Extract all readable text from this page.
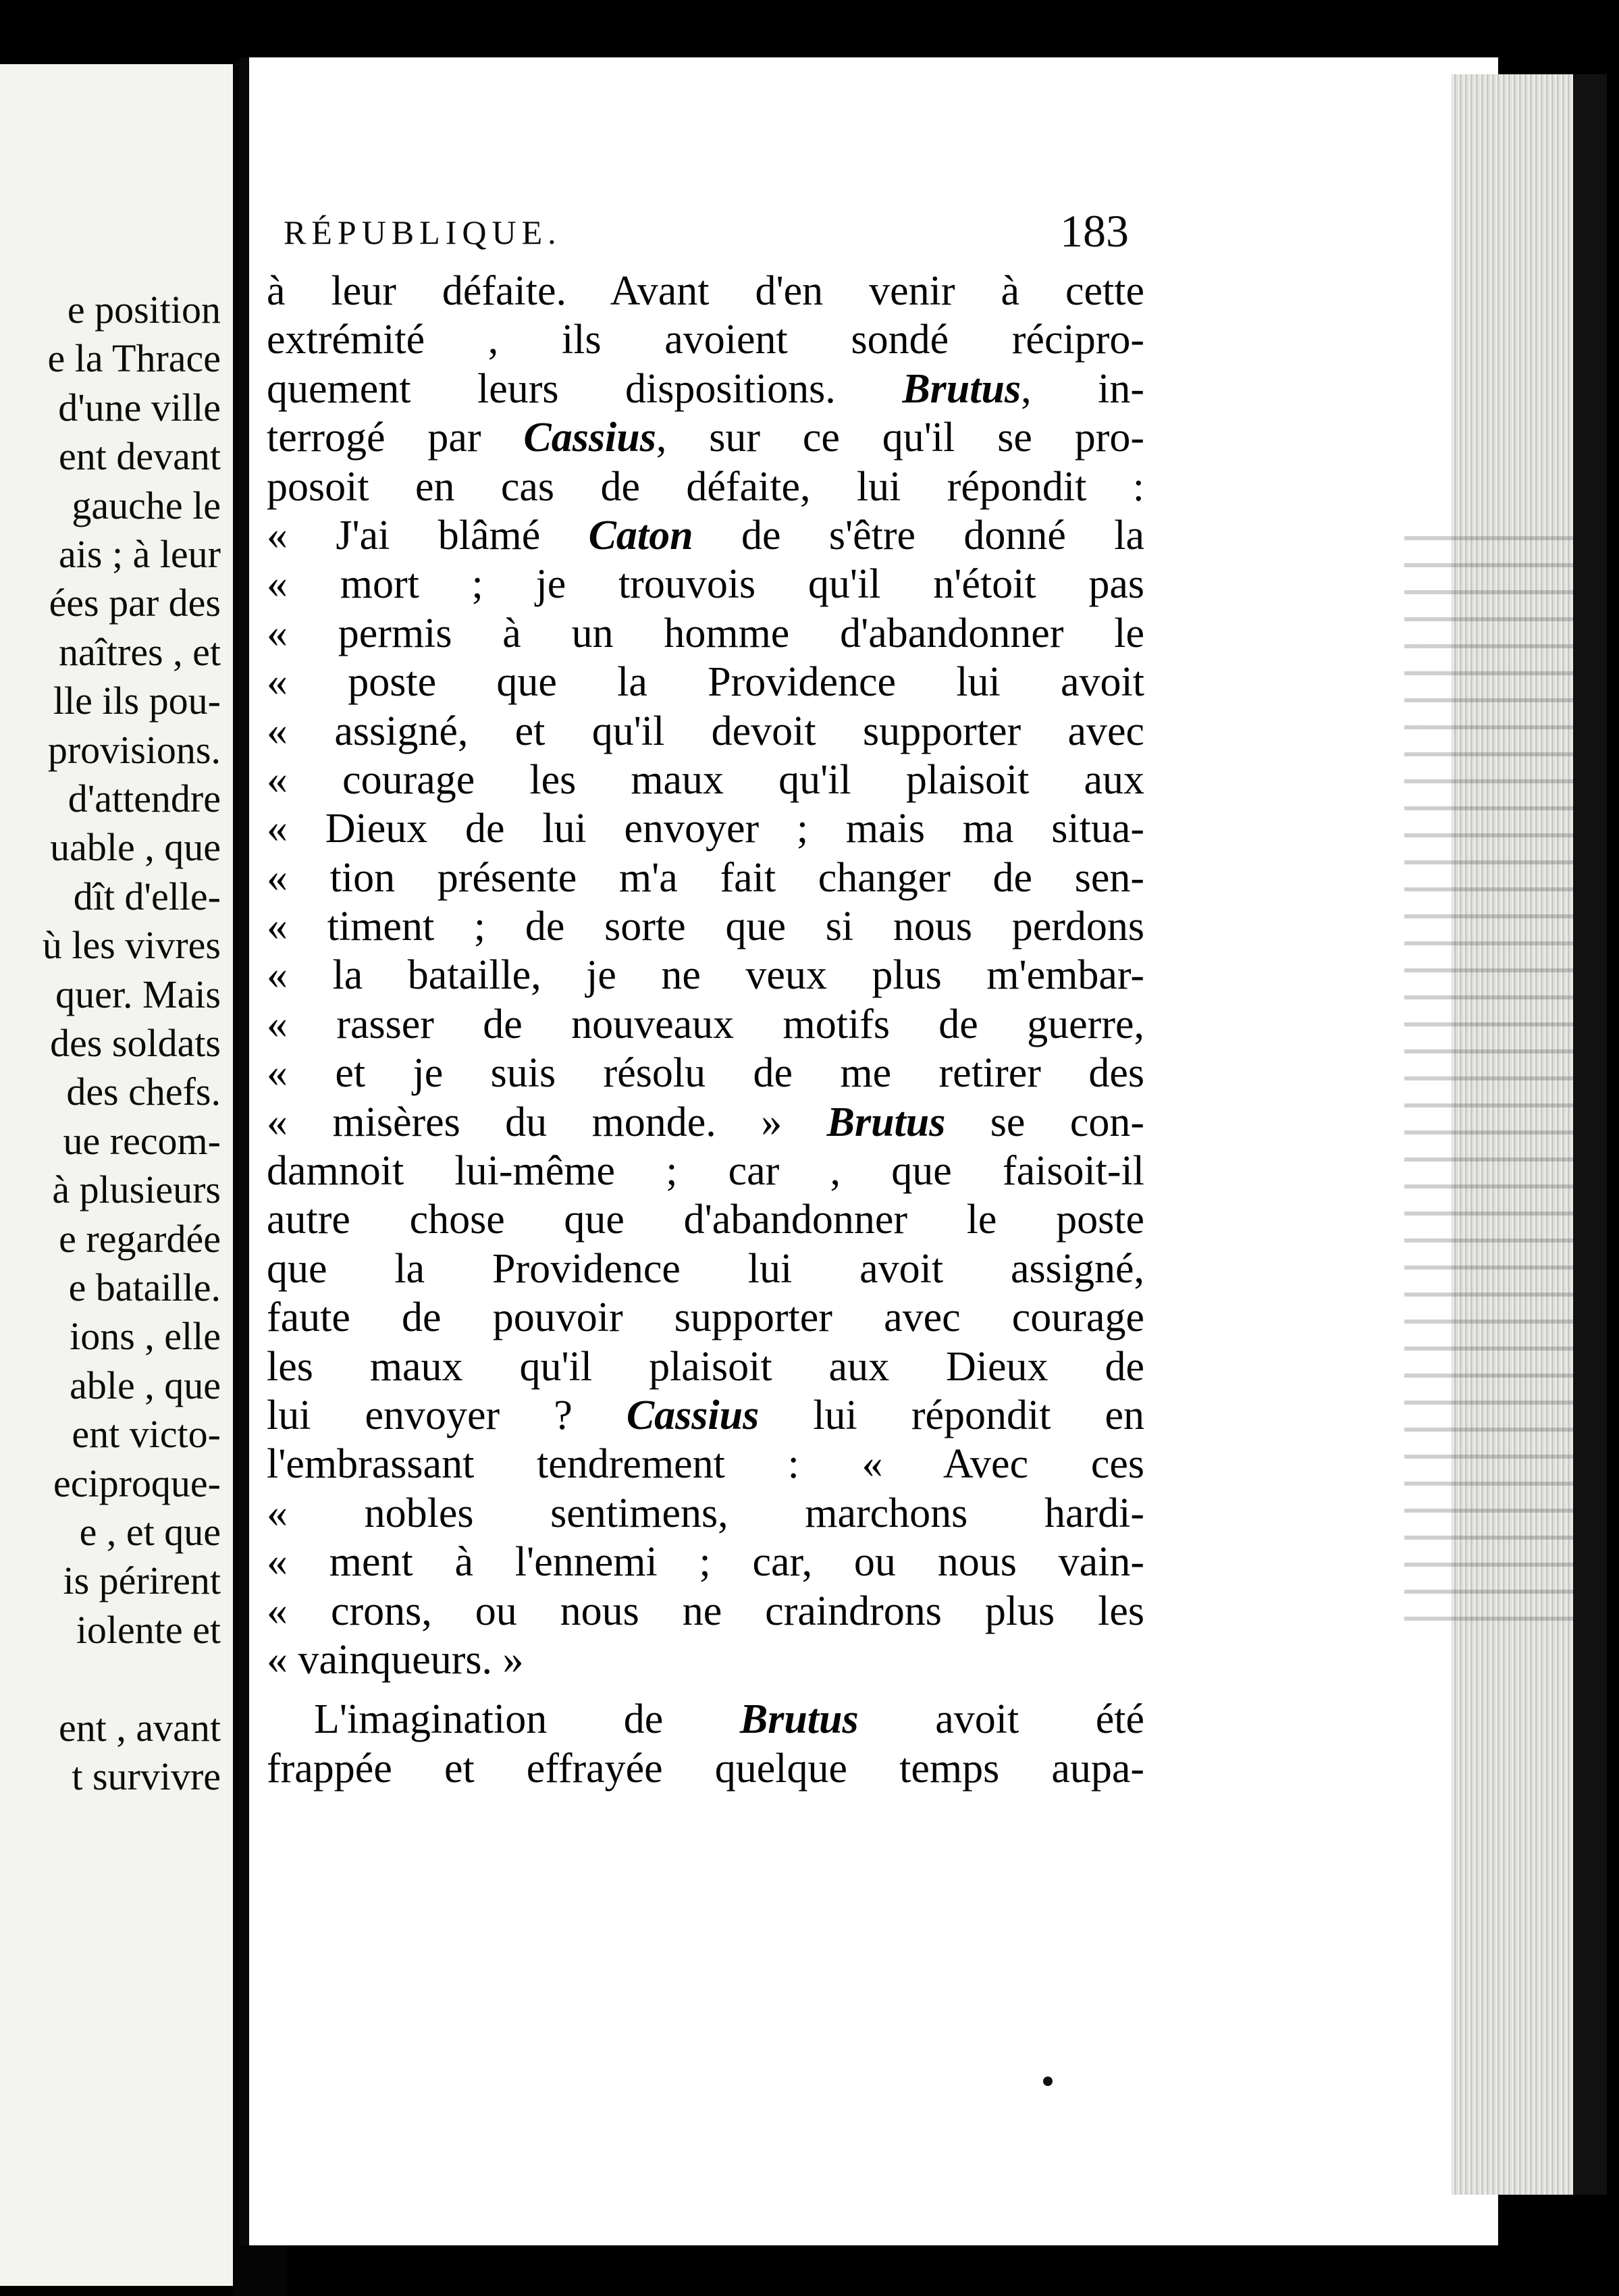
e position
e la Thrace
d'une ville
ent devant
gauche le
ais ; à leur
ées par des
naîtres , et
lle ils pou-
provisions.
d'attendre
uable , que
dît d'elle-
ù les vivres
quer. Mais
des soldats
des chefs.
ue recom-
à plusieurs
e regardée
e bataille.
ions , elle
able , que
ent victo-
eciproque-
e , et que
is périrent
iolente et
ent , avant
t survivre
RÉPUBLIQUE.	183
à leur défaite. Avant d'en venir à cette
extrémité , ils avoient sondé récipro-
quement leurs dispositions. Brutus, in-
terrogé par Cassius, sur ce qu'il se pro-
posoit en cas de défaite, lui répondit :
« J'ai blâmé Caton de s'être donné la
« mort ; je trouvois qu'il n'étoit pas
« permis à un homme d'abandonner le
« poste que la Providence lui avoit
« assigné, et qu'il devoit supporter avec
« courage les maux qu'il plaisoit aux
« Dieux de lui envoyer ; mais ma situa-
« tion présente m'a fait changer de sen-
« timent ; de sorte que si nous perdons
« la bataille, je ne veux plus m'embar-
« rasser de nouveaux motifs de guerre,
« et je suis résolu de me retirer des
« misères du monde. » Brutus se con-
damnoit lui-même ; car , que faisoit-il
autre chose que d'abandonner le poste
que la Providence lui avoit assigné,
faute de pouvoir supporter avec courage
les maux qu'il plaisoit aux Dieux de
lui envoyer ? Cassius lui répondit en
l'embrassant tendrement : « Avec ces
« nobles sentimens, marchons hardi-
« ment à l'ennemi ; car, ou nous vain-
« crons, ou nous ne craindrons plus les
« vainqueurs. »
L'imagination de Brutus avoit été
frappée et effrayée quelque temps aupa-
